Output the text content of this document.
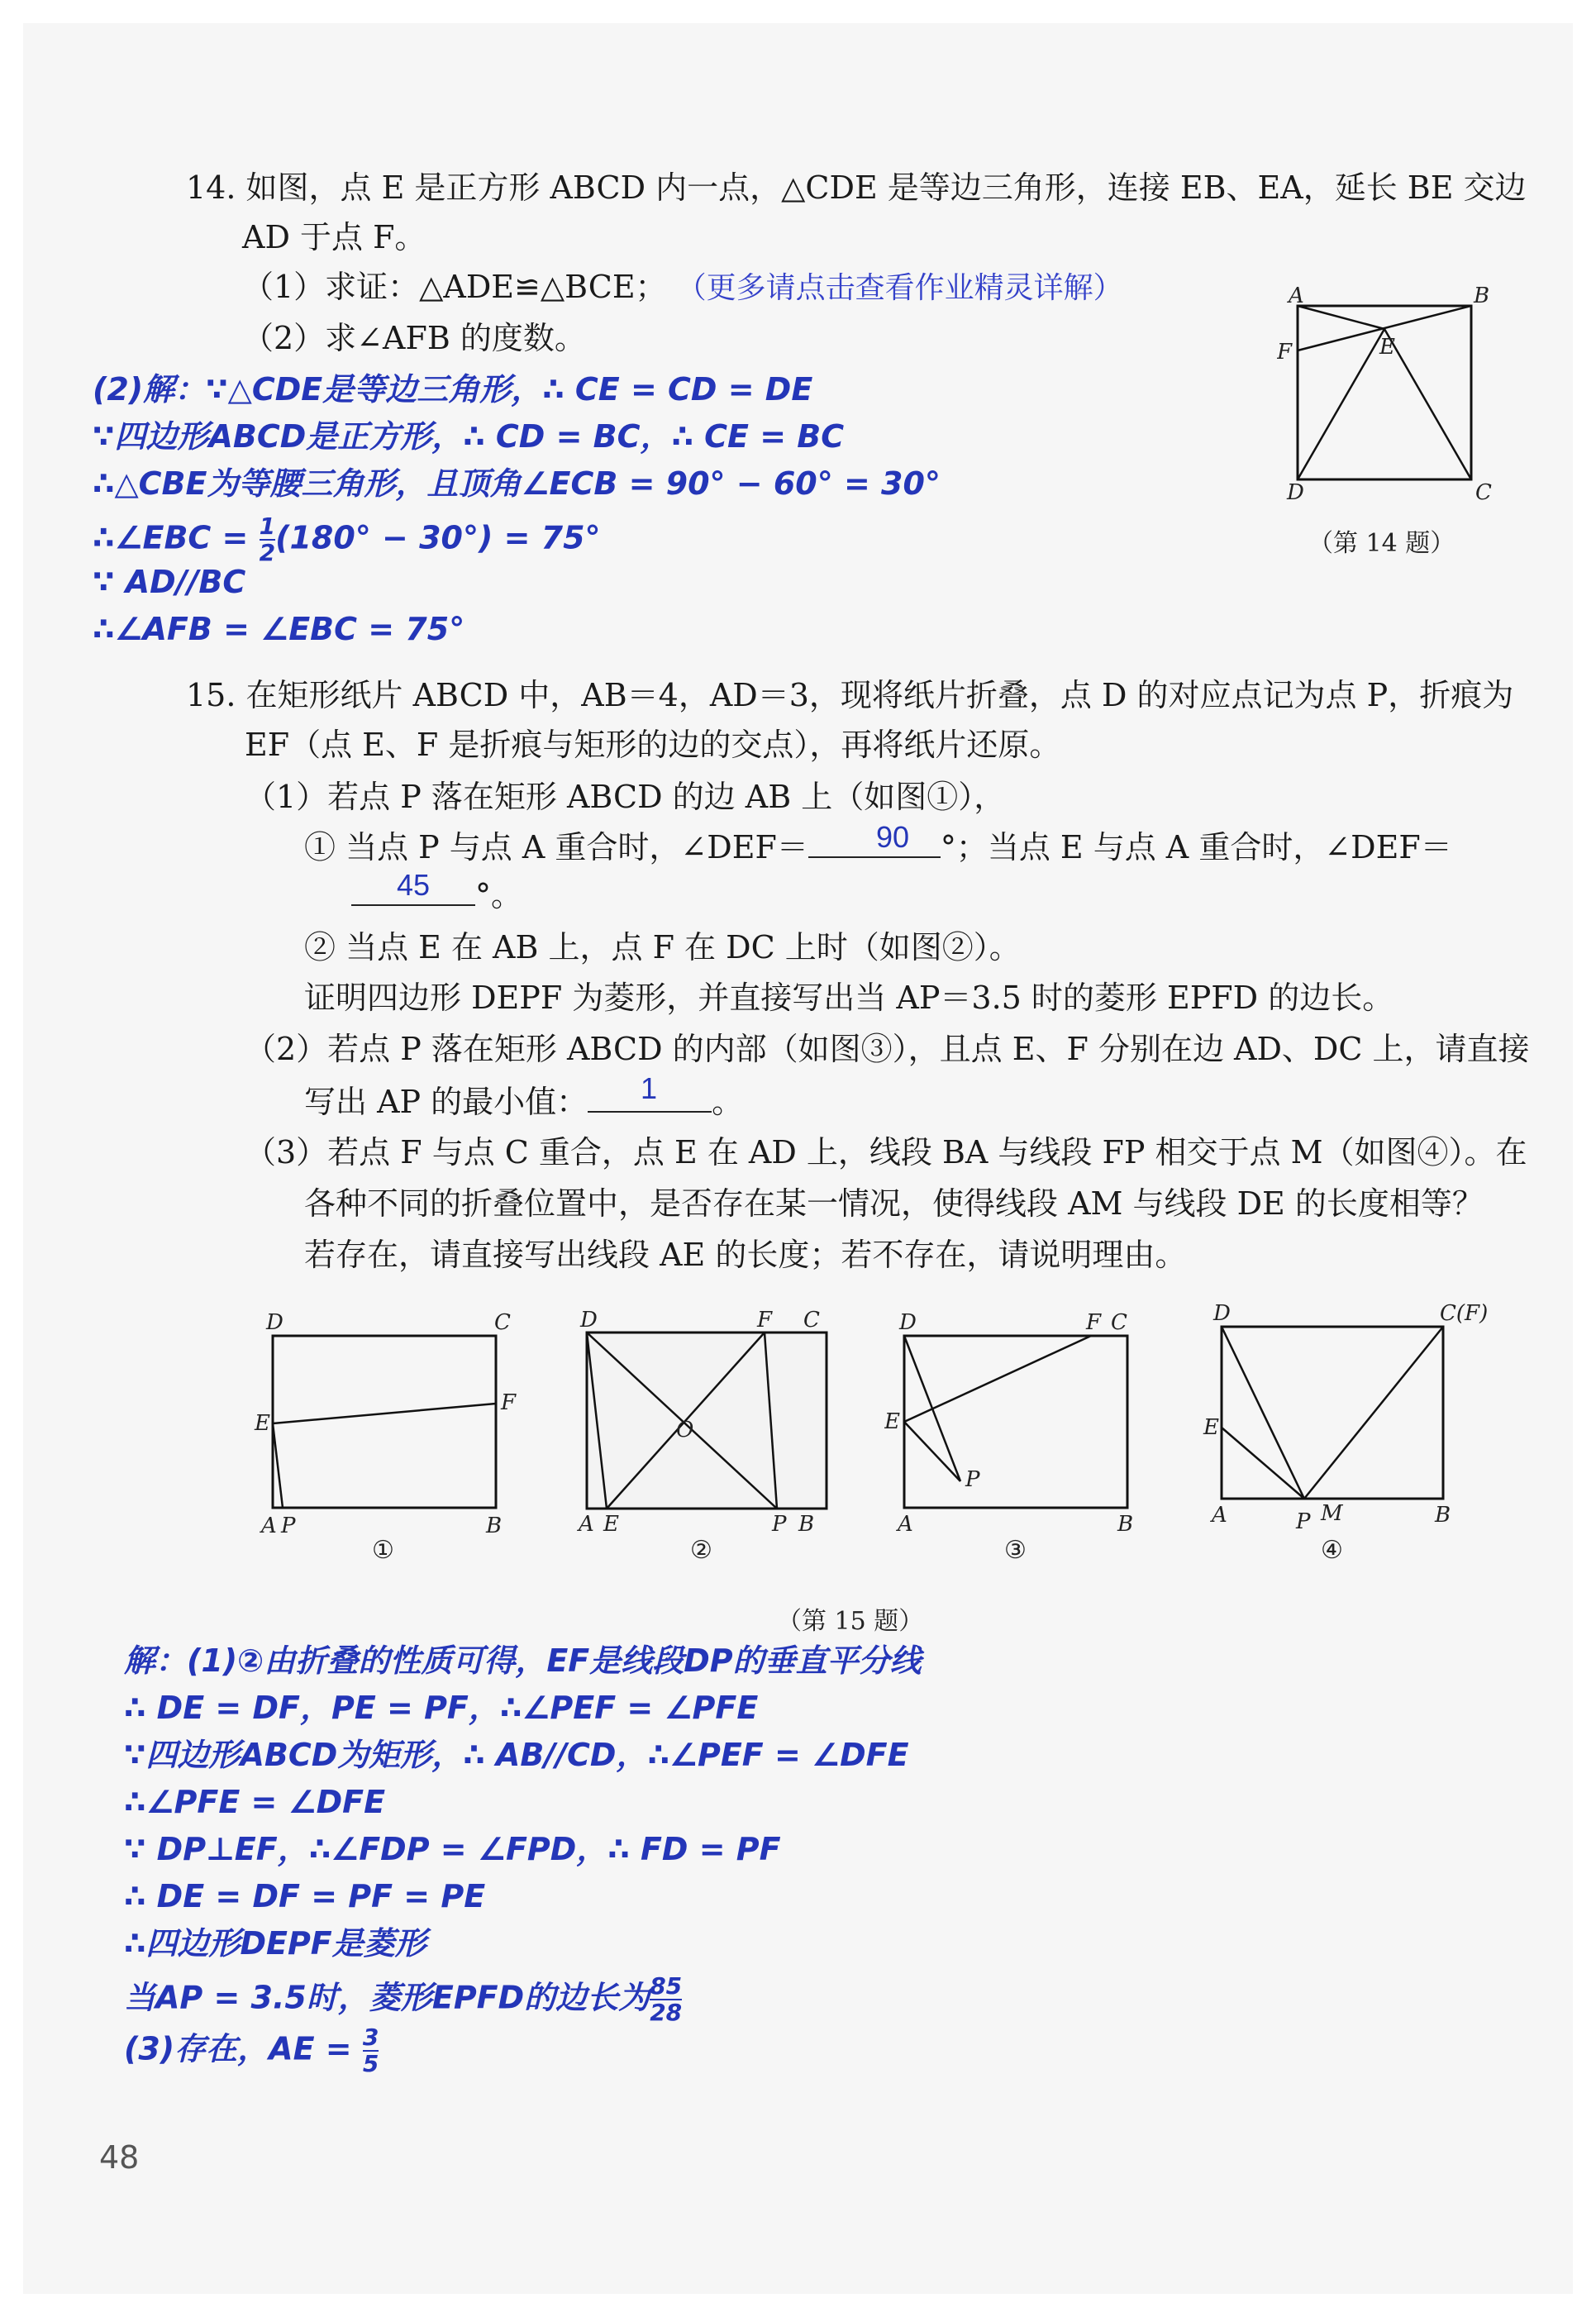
14. 如图，点 E 是正方形 ABCD 内一点，△CDE 是等边三角形，连接 EB、EA，延长 BE 交边
AD 于点 F。
（1）求证：△ADE≌△BCE； （更多请点击查看作业精灵详解）
（2）求∠AFB 的度数。
A	B
C
D
E
F
（第 14 题）
(2)解：∵△CDE是等边三角形，∴ CE = CD = DE
∵四边形ABCD是正方形，∴ CD = BC，∴ CE = BC
∴△CBE为等腰三角形，且顶角∠ECB = 90° − 60° = 30°
∴∠EBC = $\frac{1}{2} (180^\circ - 30^\circ) = 75^\circ$
∵ AD//BC
∴∠AFB = ∠EBC = 75°
15. 在矩形纸片 ABCD 中，AB＝4，AD＝3，现将纸片折叠，点 D 的对应点记为点 P，折痕为
EF（点 E、F 是折痕与矩形的边的交点），再将纸片还原。
（1）若点 P 落在矩形 ABCD 的边 AB 上（如图①），
① 当点 P 与点 A 重合时，∠DEF＝	°；当点 E 与点 A 重合时，∠DEF＝
90
°。
45
② 当点 E 在 AB 上，点 F 在 DC 上时（如图②）。
证明四边形 DEPF 为菱形，并直接写出当 AP＝3.5 时的菱形 EPFD 的边长。
（2）若点 P 落在矩形 ABCD 的内部（如图③），且点 E、F 分别在边 AD、DC 上，请直接
写出 AP 的最小值：	。
1
（3）若点 F 与点 C 重合，点 E 在 AD 上，线段 BA 与线段 FP 相交于点 M（如图④）。在
各种不同的折叠位置中，是否存在某一情况，使得线段 AM 与线段 DE 的长度相等？
若存在，请直接写出线段 AE 的长度；若不存在，请说明理由。
D	C
E
F
A P	B
①
D	F C
O
A E	P B
②
D	F C
E
P
A	B
③
D	C(F)
E
A	P M	B
④
（第 15 题）
解：(1)②由折叠的性质可得，EF是线段DP的垂直平分线
∴ DE = DF，PE = PF，∴∠PEF = ∠PFE
∵四边形ABCD为矩形，∴ AB//CD，∴∠PEF = ∠DFE
∴∠PFE = ∠DFE
∵ DP⊥EF，∴∠FDP = ∠FPD，∴ FD = PF
∴ DE = DF = PF = PE
∴四边形DEPF是菱形
当AP = 3.5时，菱形EPFD的边长为 $\frac{85}{28}$
(3)存在，AE = $\frac{3}{5}$
48
